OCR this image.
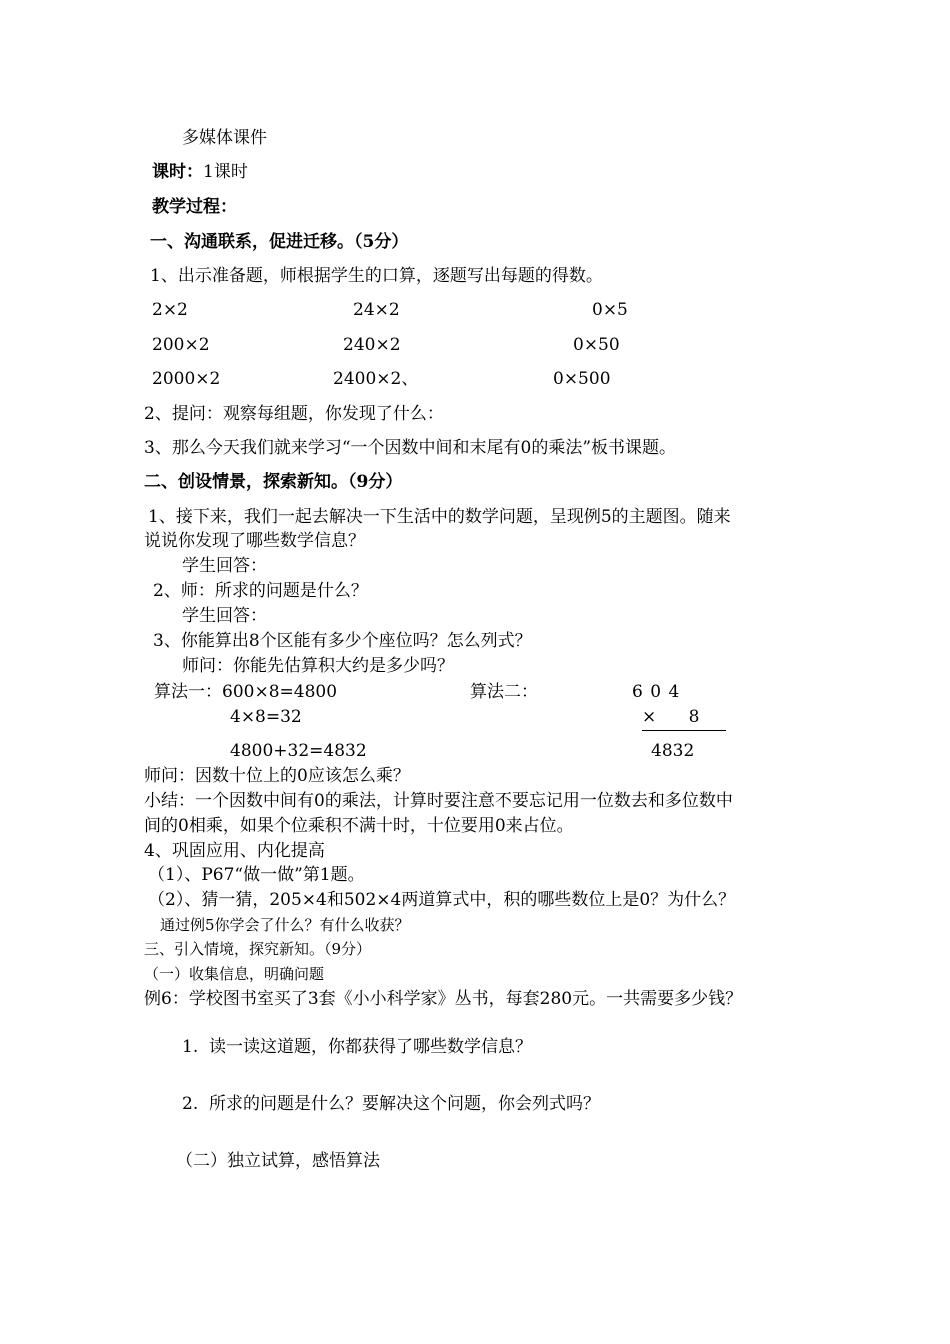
多媒体课件
课时：1课时
教学过程：
一、沟通联系，促进迁移。（5分）
1、出示准备题，师根据学生的口算，逐题写出每题的得数。
2×2	24×2	0×5
200×2	240×2	0×50
2000×2	2400×2、	0×500
2、提问：观察每组题，你发现了什么：
3、那么今天我们就来学习“一个因数中间和末尾有0的乘法”板书课题。
二、创设情景，探索新知。（9分）
1、接下来，我们一起去解决一下生活中的数学问题，呈现例5的主题图。随来
说说你发现了哪些数学信息？
学生回答：
2、师：所求的问题是什么？
学生回答：
3、你能算出8个区能有多少个座位吗？怎么列式？
师问：你能先估算积大约是多少吗？
算法一：600×8=4800
4×8=32
4800+32=4832
算法二：	6 0 4
×      8
4832
师问：因数十位上的0应该怎么乘？
小结：一个因数中间有0的乘法，计算时要注意不要忘记用一位数去和多位数中
间的0相乘，如果个位乘积不满十时，十位要用0来占位。
4、巩固应用、内化提高
（1）、P67“做一做”第1题。
（2）、猜一猜，205×4和502×4两道算式中，积的哪些数位上是0？为什么？
通过例5你学会了什么？有什么收获？
三、引入情境，探究新知。（9分）
（一）收集信息，明确问题
例6：学校图书室买了3套《小小科学家》丛书，每套280元。一共需要多少钱？
1.  读一读这道题，你都获得了哪些数学信息？
2.  所求的问题是什么？要解决这个问题，你会列式吗？
（二）独立试算，感悟算法
